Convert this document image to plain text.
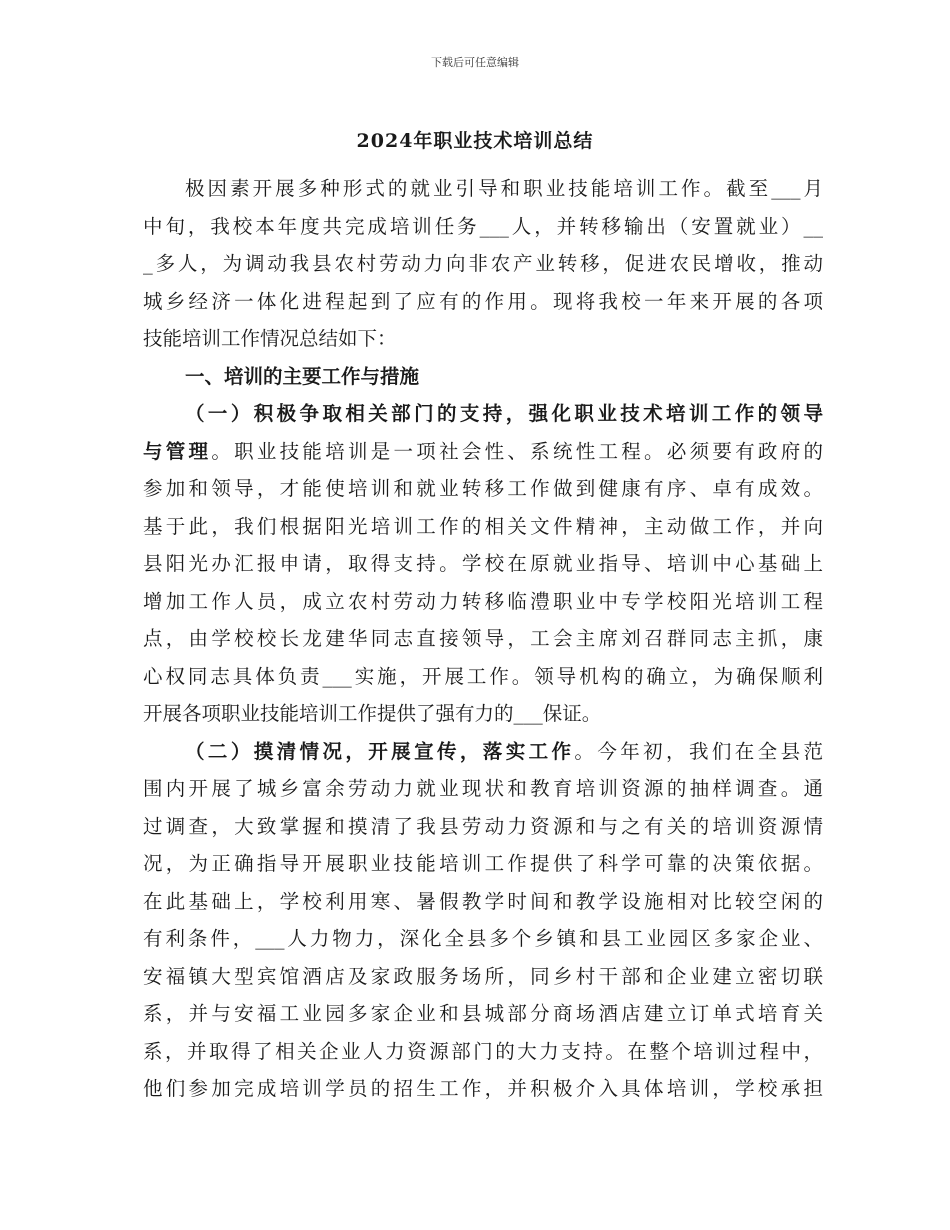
下载后可任意编辑
2024年职业技术培训总结
极因素开展多种形式的就业引导和职业技能培训工作。截至___月
中旬，我校本年度共完成培训任务___人，并转移输出（安置就业）__
_多人，为调动我县农村劳动力向非农产业转移，促进农民增收，推动
城乡经济一体化进程起到了应有的作用。现将我校一年来开展的各项
技能培训工作情况总结如下：
一、培训的主要工作与措施
（一）积极争取相关部门的支持，强化职业技术培训工作的领导
与管理。职业技能培训是一项社会性、系统性工程。必须要有政府的
参加和领导，才能使培训和就业转移工作做到健康有序、卓有成效。
基于此，我们根据阳光培训工作的相关文件精神，主动做工作，并向
县阳光办汇报申请，取得支持。学校在原就业指导、培训中心基础上
增加工作人员，成立农村劳动力转移临澧职业中专学校阳光培训工程
点，由学校校长龙建华同志直接领导，工会主席刘召群同志主抓，康
心权同志具体负责___实施，开展工作。领导机构的确立，为确保顺利
开展各项职业技能培训工作提供了强有力的___保证。
（二）摸清情况，开展宣传，落实工作。今年初，我们在全县范
围内开展了城乡富余劳动力就业现状和教育培训资源的抽样调查。通
过调查，大致掌握和摸清了我县劳动力资源和与之有关的培训资源情
况，为正确指导开展职业技能培训工作提供了科学可靠的决策依据。
在此基础上，学校利用寒、暑假教学时间和教学设施相对比较空闲的
有利条件，___人力物力，深化全县多个乡镇和县工业园区多家企业、
安福镇大型宾馆酒店及家政服务场所，同乡村干部和企业建立密切联
系，并与安福工业园多家企业和县城部分商场酒店建立订单式培育关
系，并取得了相关企业人力资源部门的大力支持。在整个培训过程中，
他们参加完成培训学员的招生工作，并积极介入具体培训，学校承担
